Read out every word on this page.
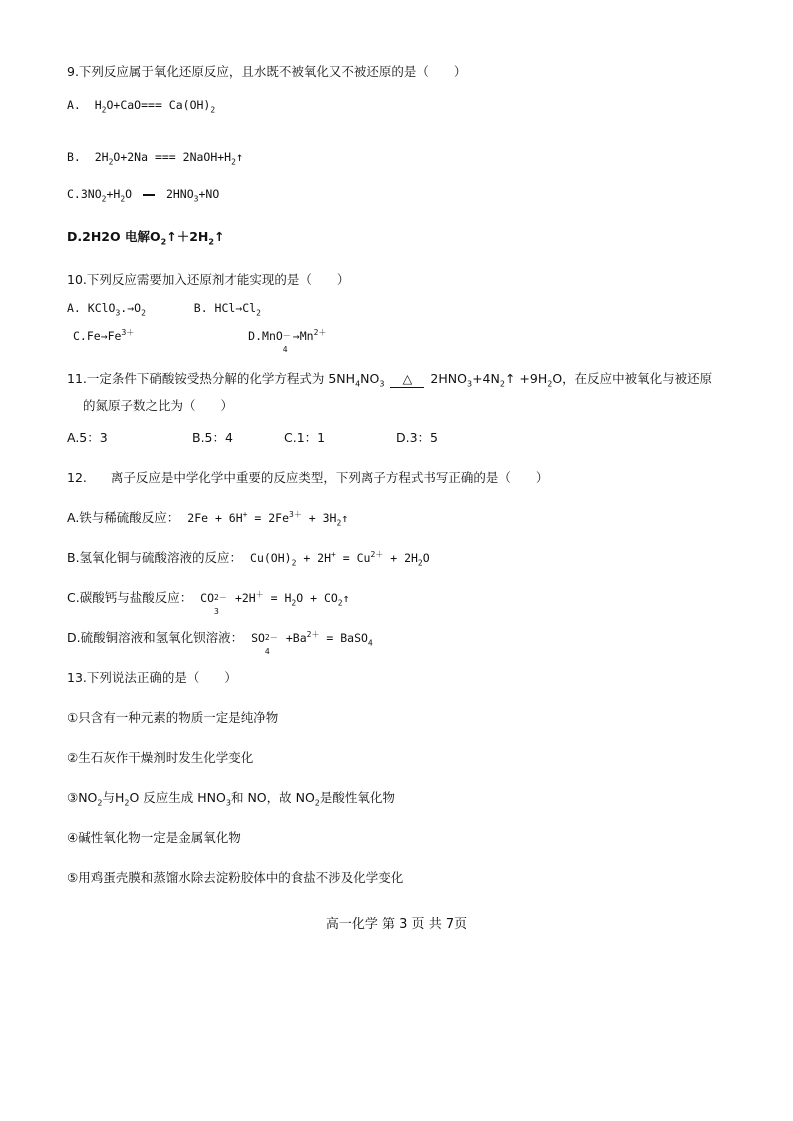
9.下列反应属于氧化还原反应，且水既不被氧化又不被还原的是（　　）
A. $H_2O+CaO=== Ca(OH)_2$
B. $2H_2O+2Na$ === $2NaOH+H_2↑$
$C.3NO_2+H_2O$	$2HNO_3+NO$
D.2H2O 电解$O_2↑+2H_2↑$
10.下列反应需要加入还原剂才能实现的是（　　）
A. $KClO_3.\to O_2$	B. $HCl\to Cl_2$
$C.Fe\to Fe^{3+}$	D.MnO －
4
$\to Mn^{2+}$
11.一定条件下硝酸铵受热分解的化学方程式为 $5NH_4NO_3$ △ $2HNO_3+4N_2↑ +9H_2O$，在反应中被氧化与被还原
的氮原子数之比为（　　）
A.5：3	B.5：4	C.1：1	D.3：5
12. 离子反应是中学化学中重要的反应类型，下列离子方程式书写正确的是（　　）
A.铁与稀硫酸反应： $2Fe + 6H^+ = 2Fe^{3+}$ + $3H_2↑$
B.氢氧化铜与硫酸溶液的反应： $Cu(OH)_2 + 2H^+ = Cu^{2+} + 2H_2O$
C.碳酸钙与盐酸反应： CO 2－
3
$+2H^+ = H_2O$ + $CO_2↑$
D.硫酸铜溶液和氢氧化钡溶液： SO 2－
4
$+Ba^{2+}$ = BaSO$_4$
13.下列说法正确的是（　　）
①只含有一种元素的物质一定是纯净物
②生石灰作干燥剂时发生化学变化
$③NO_2$与$H_2O$ 反应生成 $HNO_3$和 NO，故 $NO_2$是酸性氧化物
④碱性氧化物一定是金属氧化物
⑤用鸡蛋壳膜和蒸馏水除去淀粉胶体中的食盐不涉及化学变化
高一化学 第 3 页 共 7页
